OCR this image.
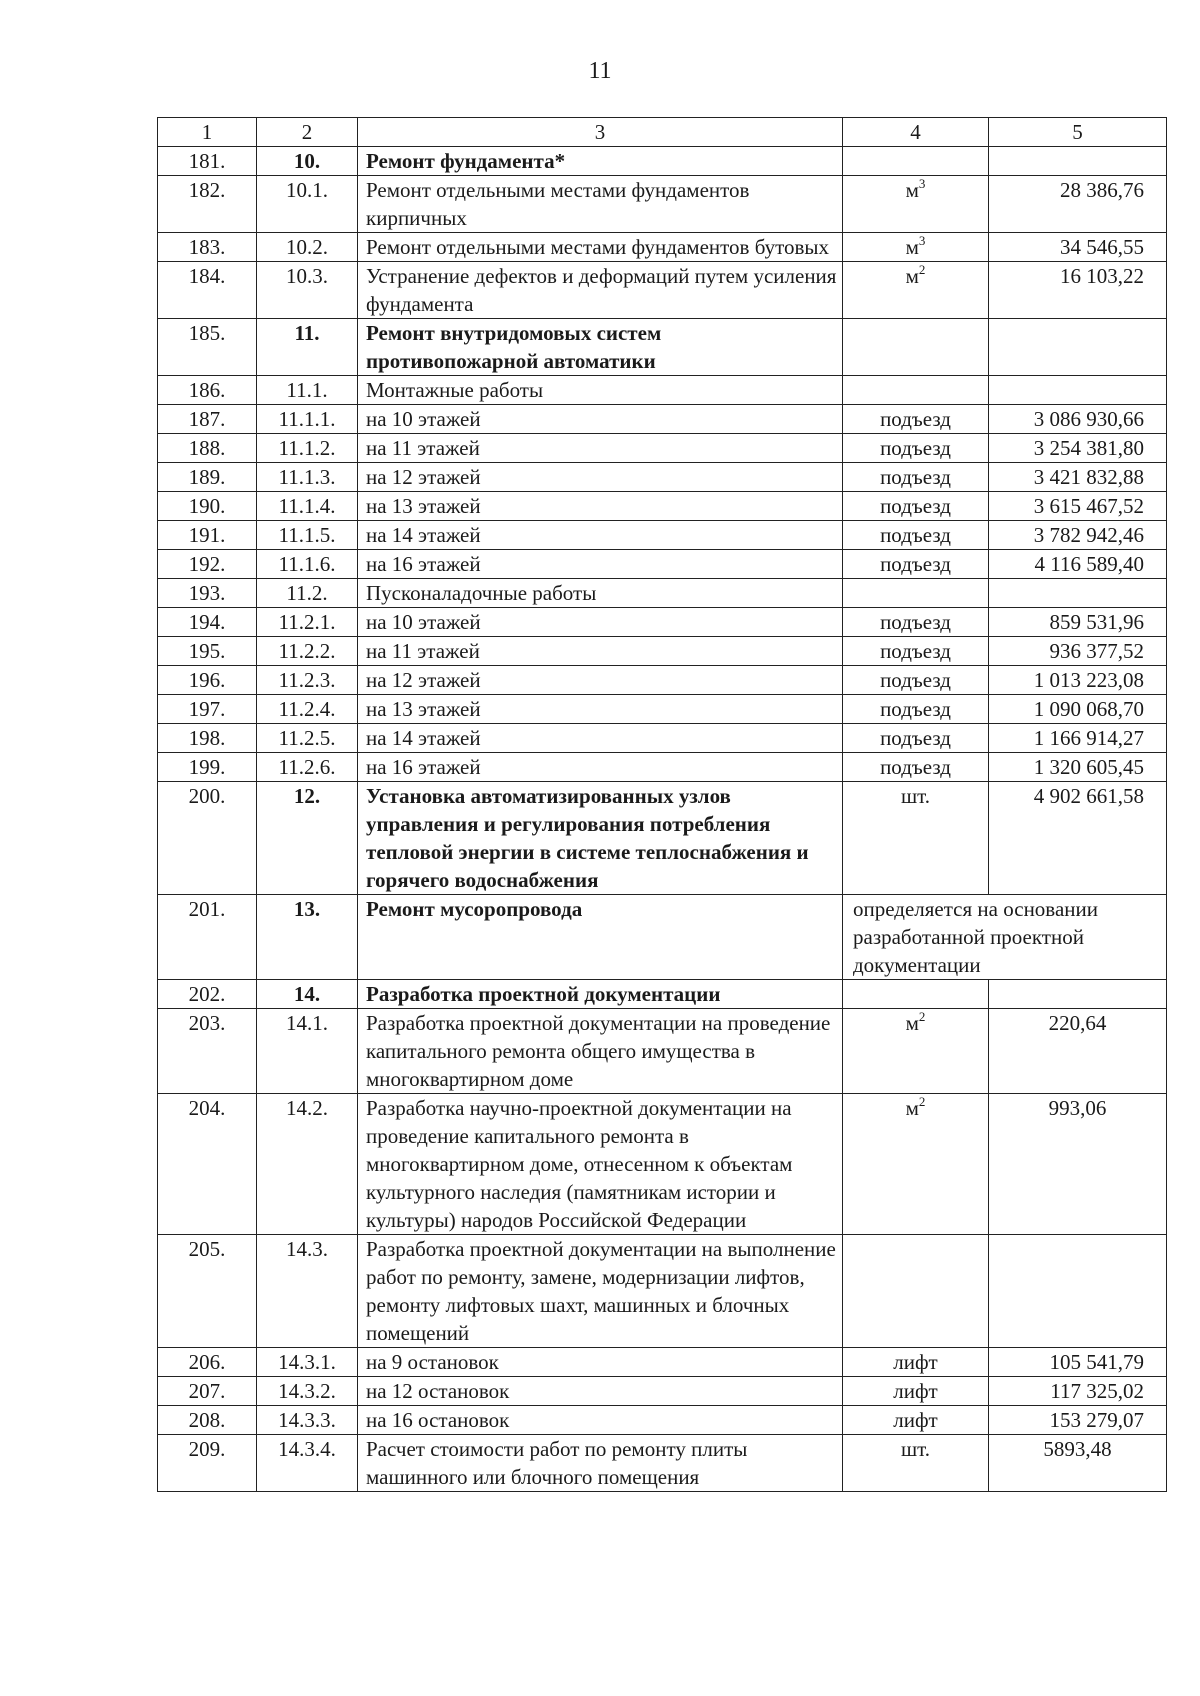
11
1	2	3	4	5
181.	10.	Ремонт фундамента*		
182.	10.1.	Ремонт отдельными местами фундаментов кирпичных	$м^3$	28 386,76
183.	10.2.	Ремонт отдельными местами фундаментов бутовых	$м^3$	34 546,55
184.	10.3.	Устранение дефектов и деформаций путем усиления фундамента	$м^2$	16 103,22
185.	11.	Ремонт внутридомовых систем противопожарной автоматики		
186.	11.1.	Монтажные работы		
187.	11.1.1.	на 10 этажей	подъезд	3 086 930,66
188.	11.1.2.	на 11 этажей	подъезд	3 254 381,80
189.	11.1.3.	на 12 этажей	подъезд	3 421 832,88
190.	11.1.4.	на 13 этажей	подъезд	3 615 467,52
191.	11.1.5.	на 14 этажей	подъезд	3 782 942,46
192.	11.1.6.	на 16 этажей	подъезд	4 116 589,40
193.	11.2.	Пусконаладочные работы		
194.	11.2.1.	на 10 этажей	подъезд	859 531,96
195.	11.2.2.	на 11 этажей	подъезд	936 377,52
196.	11.2.3.	на 12 этажей	подъезд	1 013 223,08
197.	11.2.4.	на 13 этажей	подъезд	1 090 068,70
198.	11.2.5.	на 14 этажей	подъезд	1 166 914,27
199.	11.2.6.	на 16 этажей	подъезд	1 320 605,45
200.	12.	Установка автоматизированных узлов управления и регулирования потребления тепловой энергии в системе теплоснабжения и горячего водоснабжения	шт.	4 902 661,58
201.	13.	Ремонт мусоропровода	определяется на основании разработанной проектной документации	
202.	14.	Разработка проектной документации		
203.	14.1.	Разработка проектной документации на проведение капитального ремонта общего имущества в многоквартирном доме	$м^2$	220,64
204.	14.2.	Разработка научно-проектной документации на проведение капитального ремонта в многоквартирном доме, отнесенном к объектам культурного наследия (памятникам истории и культуры) народов Российской Федерации	$м^2$	993,06
205.	14.3.	Разработка проектной документации на выполнение работ по ремонту, замене, модернизации лифтов, ремонту лифтовых шахт, машинных и блочных помещений		
206.	14.3.1.	на 9 остановок	лифт	105 541,79
207.	14.3.2.	на 12 остановок	лифт	117 325,02
208.	14.3.3.	на 16 остановок	лифт	153 279,07
209.	14.3.4.	Расчет стоимости работ по ремонту плиты машинного или блочного помещения	шт.	5893,48
